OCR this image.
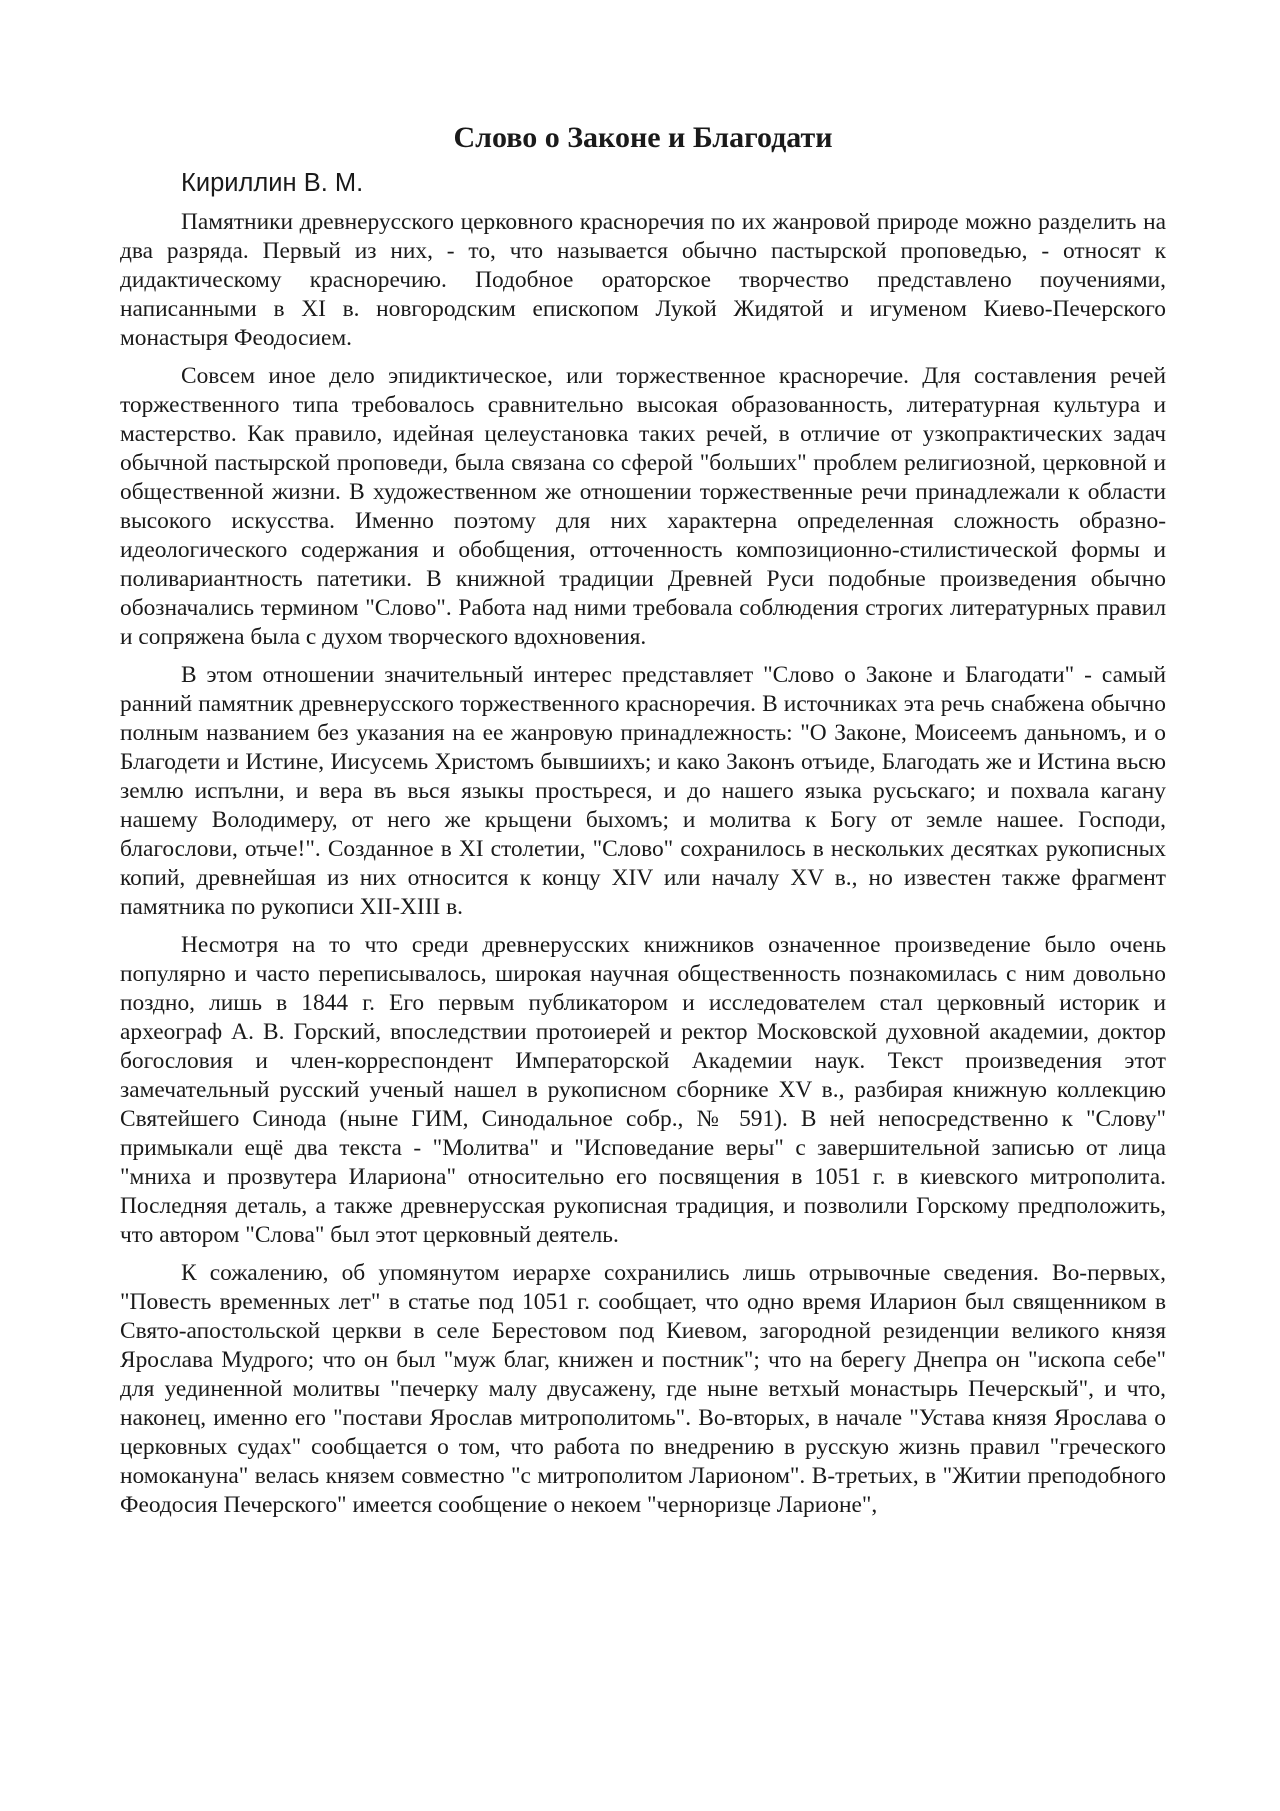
Слово о Законе и Благодати
Кириллин В. М.

Памятники древнерусского церковного красноречия по их жанровой природе можно разделить на два разряда. Первый из них, - то, что называется обычно пастырской проповедью, - относят к дидактическому красноречию. Подобное ораторское творчество представлено поучениями, написанными в XI в. новгородским епископом Лукой Жидятой и игуменом Киево-Печерского монастыря Феодосием.

Совсем иное дело эпидиктическое, или торжественное красноречие. Для составления речей торжественного типа требовалось сравнительно высокая образованность, литературная культура и мастерство. Как правило, идейная целеустановка таких речей, в отличие от узкопрактических задач обычной пастырской проповеди, была связана со сферой "больших" проблем религиозной, церковной и общественной жизни. В художественном же отношении торжественные речи принадлежали к области высокого искусства. Именно поэтому для них характерна определенная сложность образно-идеологического содержания и обобщения, отточенность композиционно-стилистической формы и поливариантность патетики. В книжной традиции Древней Руси подобные произведения обычно обозначались термином "Слово". Работа над ними требовала соблюдения строгих литературных правил и сопряжена была с духом творческого вдохновения.

В этом отношении значительный интерес представляет "Слово о Законе и Благодати" - самый ранний памятник древнерусского торжественного красноречия. В источниках эта речь снабжена обычно полным названием без указания на ее жанровую принадлежность: "О Законе, Моисеемъ даньномъ, и о Благодети и Истине, Иисусемь Христомъ бывшиихъ; и како Законъ отъиде, Благодать же и Истина вьсю землю испълни, и вера въ вься языкы простьреся, и до нашего языка русьскаго; и похвала кагану нашему Володимеру, от него же крьщени быхомъ; и молитва к Богу от земле нашее. Господи, благослови, отьче!". Созданное в XI столетии, "Слово" сохранилось в нескольких десятках рукописных копий, древнейшая из них относится к концу XIV или началу XV в., но известен также фрагмент памятника по рукописи XII-XIII в.

Несмотря на то что среди древнерусских книжников означенное произведение было очень популярно и часто переписывалось, широкая научная общественность познакомилась с ним довольно поздно, лишь в 1844 г. Его первым публикатором и исследователем стал церковный историк и археограф А. В. Горский, впоследствии протоиерей и ректор Московской духовной академии, доктор богословия и член-корреспондент Императорской Академии наук. Текст произведения этот замечательный русский ученый нашел в рукописном сборнике XV в., разбирая книжную коллекцию Святейшего Синода (ныне ГИМ, Синодальное собр., № 591). В ней непосредственно к "Слову" примыкали ещё два текста - "Молитва" и "Исповедание веры" с завершительной записью от лица "мниха и прозвутера Илариона" относительно его посвящения в 1051 г. в киевского митрополита. Последняя деталь, а также древнерусская рукописная традиция, и позволили Горскому предположить, что автором "Слова" был этот церковный деятель.

К сожалению, об упомянутом иерархе сохранились лишь отрывочные сведения. Во-первых, "Повесть временных лет" в статье под 1051 г. сообщает, что одно время Иларион был священником в Свято-апостольской церкви в селе Берестовом под Киевом, загородной резиденции великого князя Ярослава Мудрого; что он был "муж благ, книжен и постник"; что на берегу Днепра он "ископа себе" для уединенной молитвы "печерку малу двусажену, где ныне ветхый монастырь Печерскый", и что, наконец, именно его "постави Ярослав митрополитомь". Во-вторых, в начале "Устава князя Ярослава о церковных судах" сообщается о том, что работа по внедрению в русскую жизнь правил "греческого номокануна" велась князем совместно "с митрополитом Ларионом". В-третьих, в "Житии преподобного Феодосия Печерского" имеется сообщение о некоем "черноризце Ларионе",
